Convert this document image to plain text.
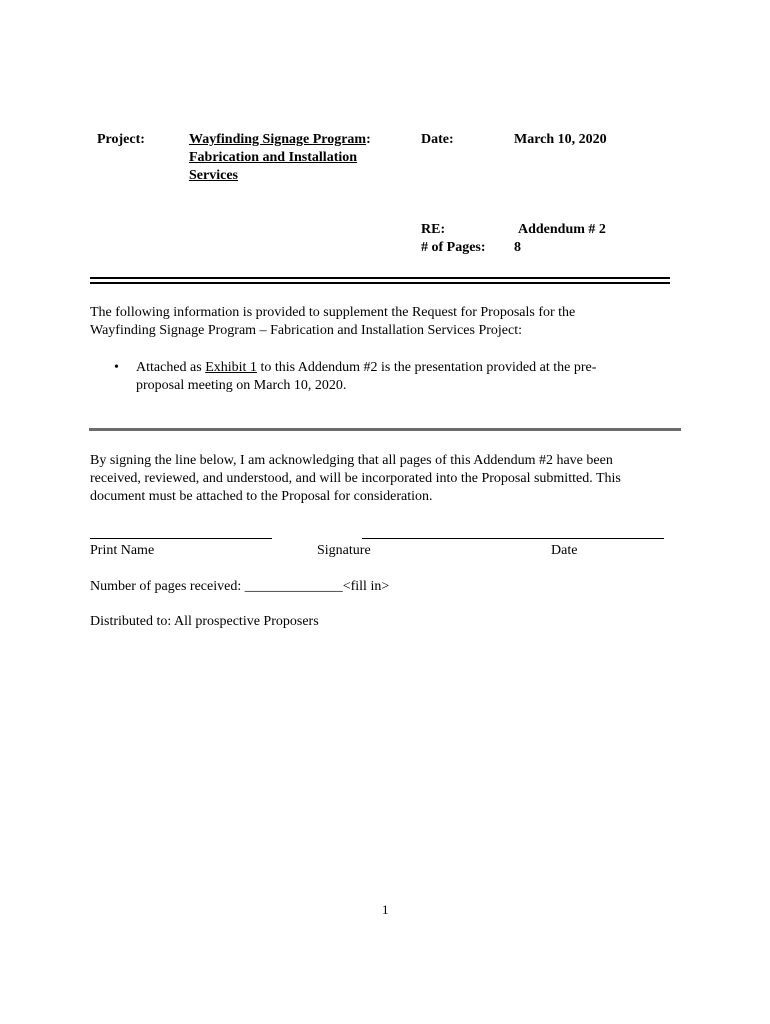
Project:	Wayfinding Signage Program:
Fabrication and Installation
Services
Date:	March 10, 2020
RE:	Addendum # 2
# of Pages: 8
The following information is provided to supplement the Request for Proposals for the
Wayfinding Signage Program – Fabrication and Installation Services Project:
• Attached as Exhibit 1 to this Addendum #2 is the presentation provided at the pre-
proposal meeting on March 10, 2020.
By signing the line below, I am acknowledging that all pages of this Addendum #2 have been
received, reviewed, and understood, and will be incorporated into the Proposal submitted. This
document must be attached to the Proposal for consideration.
Print Name	Signature	Date
Number of pages received: ______________<fill in>
Distributed to: All prospective Proposers
1
